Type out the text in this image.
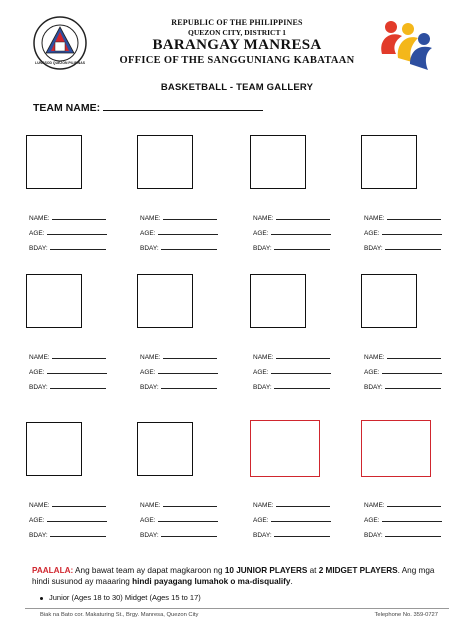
LUNGSOD QUEZON PILIPINAS
REPUBLIC OF THE PHILIPPINES
QUEZON CITY, DISTRICT 1
BARANGAY MANRESA
OFFICE OF THE SANGGUNIANG KABATAAN
BASKETBALL - TEAM GALLERY
TEAM NAME:
NAME:
AGE:
BDAY:
NAME:
AGE:
BDAY:
NAME:
AGE:
BDAY:
NAME:
AGE:
BDAY:
NAME:
AGE:
BDAY:
NAME:
AGE:
BDAY:
NAME:
AGE:
BDAY:
NAME:
AGE:
BDAY:
NAME:
AGE:
BDAY:
NAME:
AGE:
BDAY:
NAME:
AGE:
BDAY:
NAME:
AGE:
BDAY:
PAALALA: Ang bawat team ay dapat magkaroon ng 10 JUNIOR PLAYERS at 2 MIDGET PLAYERS. Ang mga hindi susunod ay maaaring hindi payagang lumahok o ma-disqualify.
Junior (Ages 18 to 30) Midget (Ages 15 to 17)
Biak na Bato cor. Makaturing St., Brgy. Manresa, Quezon City	Telephone No. 359-0727
